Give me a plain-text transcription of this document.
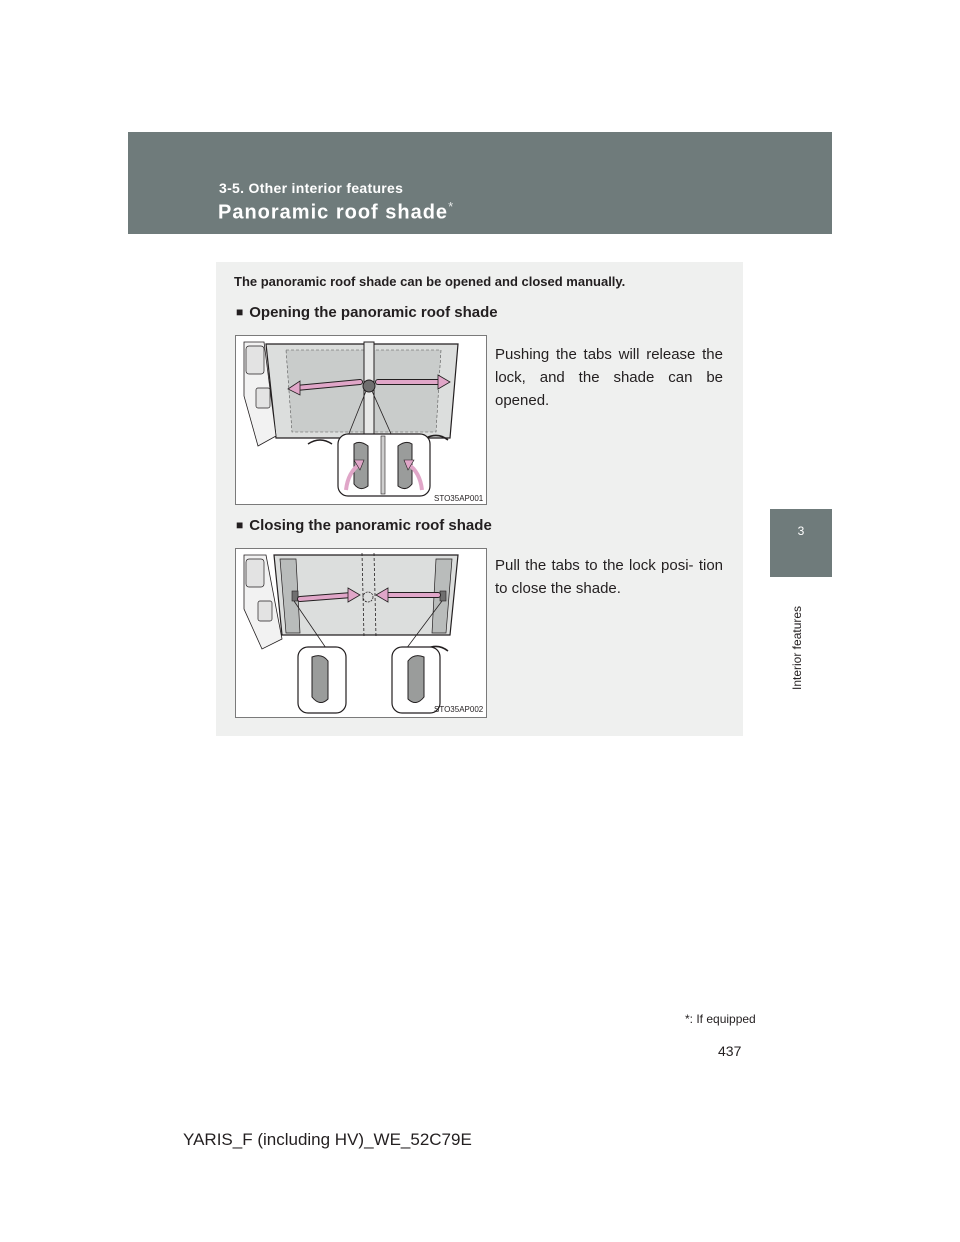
3-5. Other interior features
Panoramic roof shade*
3
Interior features
The panoramic roof shade can be opened and closed manually.
■ Opening the panoramic roof shade
Pushing the tabs will release the lock, and the shade can be opened.
STO35AP001
■ Closing the panoramic roof shade
Pull the tabs to the lock posi- tion to close the shade.
STO35AP002
*: If equipped
437
YARIS_F (including HV)_WE_52C79E
